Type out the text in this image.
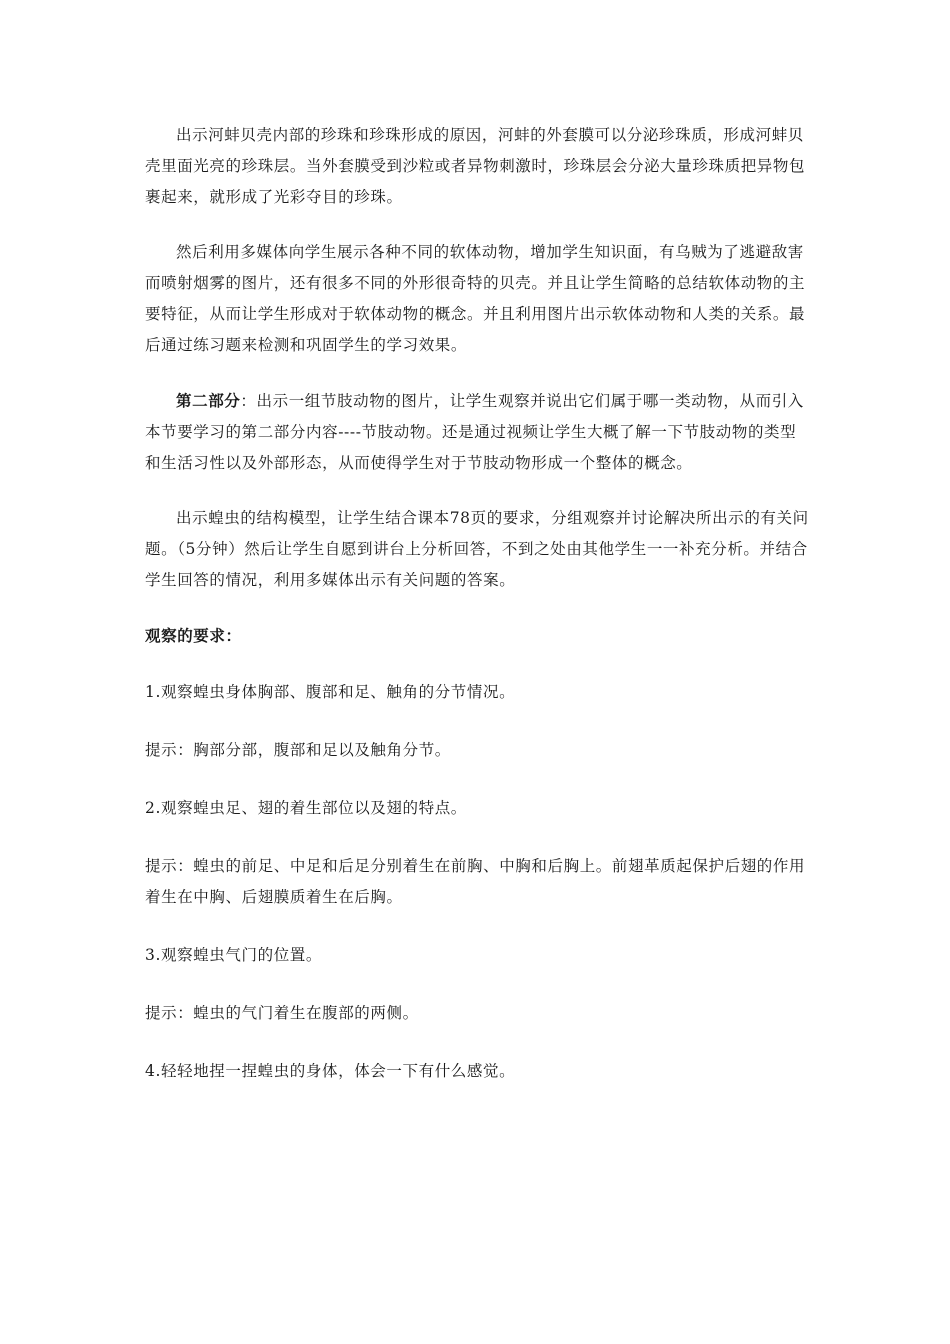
出示河蚌贝壳内部的珍珠和珍珠形成的原因，河蚌的外套膜可以分泌珍珠质，形成河蚌贝壳里面光亮的珍珠层。当外套膜受到沙粒或者异物刺激时，珍珠层会分泌大量珍珠质把异物包裹起来，就形成了光彩夺目的珍珠。

然后利用多媒体向学生展示各种不同的软体动物，增加学生知识面，有乌贼为了逃避敌害而喷射烟雾的图片，还有很多不同的外形很奇特的贝壳。并且让学生简略的总结软体动物的主要特征，从而让学生形成对于软体动物的概念。并且利用图片出示软体动物和人类的关系。最后通过练习题来检测和巩固学生的学习效果。

第二部分：出示一组节肢动物的图片，让学生观察并说出它们属于哪一类动物，从而引入本节要学习的第二部分内容----节肢动物。还是通过视频让学生大概了解一下节肢动物的类型和生活习性以及外部形态，从而使得学生对于节肢动物形成一个整体的概念。

出示蝗虫的结构模型，让学生结合课本78页的要求，分组观察并讨论解决所出示的有关问题。（5分钟）然后让学生自愿到讲台上分析回答，不到之处由其他学生一一补充分析。并结合学生回答的情况，利用多媒体出示有关问题的答案。

观察的要求：

1.观察蝗虫身体胸部、腹部和足、触角的分节情况。

提示：胸部分部，腹部和足以及触角分节。

2.观察蝗虫足、翅的着生部位以及翅的特点。

提示：蝗虫的前足、中足和后足分别着生在前胸、中胸和后胸上。前翅革质起保护后翅的作用着生在中胸、后翅膜质着生在后胸。

3.观察蝗虫气门的位置。

提示：蝗虫的气门着生在腹部的两侧。

4.轻轻地捏一捏蝗虫的身体，体会一下有什么感觉。
